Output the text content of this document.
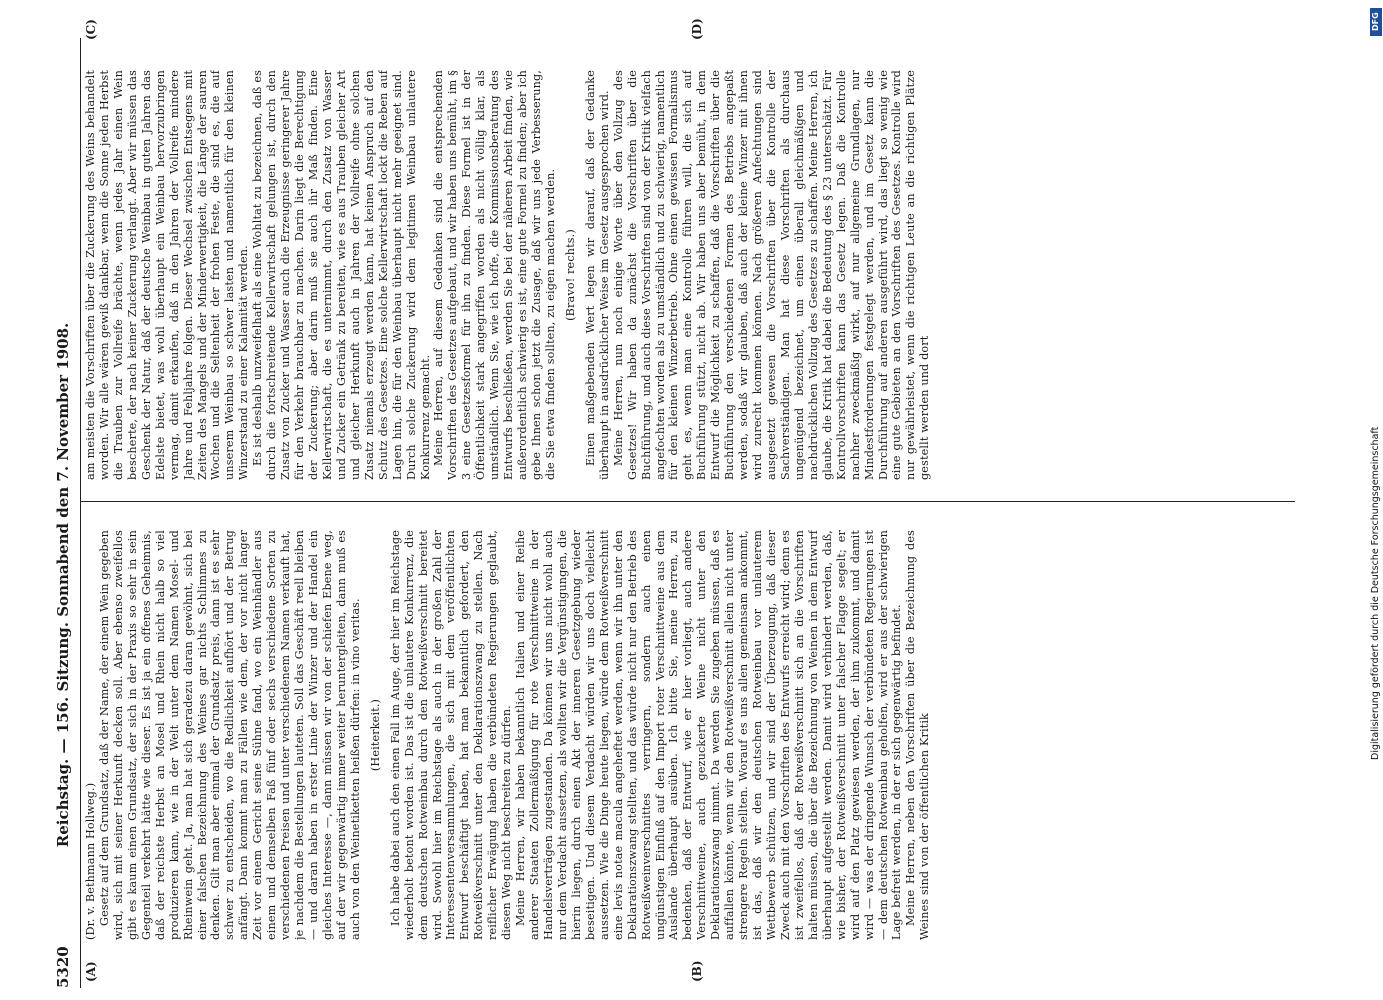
5320
Reichstag. — 156. Sitzung. Sonnabend den 7. November 1908.
(A)	(B)
(C)	(D)

(Dr. v. Bethmann Hollweg.) Gesetz auf dem Grundsatz, daß der Name, der einem Wein gegeben wird, sich mit seiner Herkunft decken soll. Aber ebenso zweifellos gibt es kaum einen Grundsatz, der sich in der Praxis so sehr in sein Gegenteil verkehrt hätte wie dieser. Es ist ja ein offenes Geheimnis, daß der reichste Herbst an Mosel und Rhein nicht halb so viel produzieren kann, wie in der Welt unter dem Namen Mosel- und Rheinwein geht. Ja, man hat sich geradezu daran gewöhnt, sich bei einer falschen Bezeichnung des Weines gar nichts Schlimmes zu denken. Gilt man aber einmal der Grundsatz preis, dann ist es sehr schwer zu entscheiden, wo die Redlichkeit aufhört und der Betrug anfängt. Dann kommt man zu Fällen wie dem, der vor nicht langer Zeit vor einem Gericht seine Sühne fand, wo ein Weinhändler aus einem und demselben Faß fünf oder sechs verschiedene Sorten zu verschiedenen Preisen und unter verschiedenem Namen verkauft hat, je nachdem die Bestellungen lauteten. Soll das Geschäft reell bleiben — und daran haben in erster Linie der Winzer und der Handel ein gleiches Interesse —, dann müssen wir von der schiefen Ebene weg, auf der wir gegenwärtig immer weiter heruntergleiten, dann muß es auch von den Weinetiketten heißen dürfen: in vino veritas. (Heiterkeit.) Ich habe dabei auch den einen Fall im Auge, der hier im Reichstage wiederholt betont worden ist. Das ist die unlautere Konkurrenz, die dem deutschen Rotweinbau durch den Rotweißverschnitt bereitet wird. Sowohl hier im Reichstage als auch in der großen Zahl der Interessentenversammlungen, die sich mit dem veröffentlichten Entwurf beschäftigt haben, hat man bekanntlich gefordert, den Rotweißverschnitt unter den Deklarationszwang zu stellen. Nach reiflicher Erwägung haben die verbündeten Regierungen geglaubt, diesen Weg nicht beschreiten zu dürfen. Meine Herren, wir haben bekanntlich Italien und einer Reihe anderer Staaten Zollermäßigung für rote Verschnittweine in der Handelsverträgen zugestanden. Da können wir uns nicht wohl auch nur dem Verdacht aussetzen, als wollten wir die Vergünstigungen, die hierin liegen, durch einen Akt der inneren Gesetzgebung wieder beseitigen. Und diesem Verdacht würden wir uns doch vielleicht aussetzen. Wie die Dinge heute liegen, würde dem Rotweißverschnitt eine levis notae macula angeheftet werden, wenn wir ihn unter den Deklarationszwang stellten, und das würde nicht nur den Betrieb des Rotweißweinverschnittes verringern, sondern auch einen ungünstigen Einfluß auf den Import roter Verschnittweine aus dem Auslande überhaupt ausüben. Ich bitte Sie, meine Herren, zu bedenken, daß der Entwurf, wie er hier vorliegt, auch andere Verschnittweine, auch gezuckerte Weine nicht unter den Deklarationszwang nimmt. Da werden Sie zugeben müssen, daß es auffallen könnte, wenn wir den Rotweißverschnitt allein nicht unter strengere Regeln stellten. Worauf es uns allen gemeinsam ankommt, ist das, daß wir den deutschen Rotweinbau vor unlauterem Wettbewerb schützen, und wir sind der Überzeugung, daß dieser Zweck auch mit den Vorschriften des Entwurfs erreicht wird; denn es ist zweifellos, daß der Rotweißverschnitt sich an die Vorschriften halten müssen, die über die Bezeichnung von Weinen in dem Entwurf überhaupt aufgestellt werden. Damit wird verhindert werden, daß, wie bisher, der Rotweißverschnitt unter falscher Flagge segelt; er wird auf den Platz gewiesen werden, der ihm zukommt, und damit wird — was der dringende Wunsch der verbündeten Regierungen ist — dem deutschen Rotweinbau geholfen, wird er aus der schwierigen Lage befreit werden, in der er sich gegenwärtig befindet. Meine Herren, neben den Vorschriften über die Bezeichnung des Weines sind von der öffentlichen Kritik

am meisten die Vorschriften über die Zuckerung des Weins behandelt worden. Wir alle wären gewiß dankbar, wenn die Sonne jeden Herbst die Trauben zur Vollreife brächte, wenn jedes Jahr einen Wein bescherte, der nach keiner Zuckerung verlangt. Aber wir müssen das Geschenk der Natur, daß der deutsche Weinbau in guten Jahren das Edelste bietet, was wohl überhaupt ein Weinbau hervorzubringen vermag, damit erkaufen, daß in den Jahren der Vollreife mindere Jahre und Fehljahre folgen. Dieser Wechsel zwischen Entsegens mit Zeiten des Mangels und der Minderwertigkeit, die Länge der sauren Wochen und die Seltenheit der frohen Feste, die sind es, die auf unserem Weinbau so schwer lasten und namentlich für den kleinen Winzerstand zu einer Kalamität werden. Es ist deshalb unzweifelhaft als eine Wohltat zu bezeichnen, daß es durch die fortschreitende Kellerwirtschaft gelungen ist, durch den Zusatz von Zucker und Wasser auch die Erzeugnisse geringerer Jahre für den Verkehr brauchbar zu machen. Darin liegt die Berechtigung der Zuckerung; aber darin muß sie auch ihr Maß finden. Eine Kellerwirtschaft, die es unternimmt, durch den Zusatz von Wasser und Zucker ein Getränk zu bereiten, wie es aus Trauben gleicher Art und gleicher Herkunft auch in Jahren der Vollreife ohne solchen Zusatz niemals erzeugt werden kann, hat keinen Anspruch auf den Schutz des Gesetzes. Eine solche Kellerwirtschaft lockt die Reben auf Lagen hin, die für den Weinbau überhaupt nicht mehr geeignet sind. Durch solche Zuckerung wird dem legitimen Weinbau unlautere Konkurrenz gemacht. Meine Herren, auf diesem Gedanken sind die entsprechenden Vorschriften des Gesetzes aufgebaut, und wir haben uns bemüht, im § 3 eine Gesetzesformel für ihn zu finden. Diese Formel ist in der Öffentlichkeit stark angegriffen worden als nicht völlig klar, als umständlich. Wenn Sie, wie ich hoffe, die Kommissionsberatung des Entwurfs beschließen, werden Sie bei der näheren Arbeit finden, wie außerordentlich schwierig es ist, eine gute Formel zu finden; aber ich gebe Ihnen schon jetzt die Zusage, daß wir uns jede Verbesserung, die Sie etwa finden sollten, zu eigen machen werden. (Bravo! rechts.) Einen maßgebenden Wert legen wir darauf, daß der Gedanke überhaupt in ausdrücklicher Weise im Gesetz ausgesprochen wird. Meine Herren, nun noch einige Worte über den Vollzug des Gesetzes! Wir haben da zunächst die Vorschriften über die Buchführung, und auch diese Vorschriften sind von der Kritik vielfach angefochten worden als zu umständlich und zu schwierig, namentlich für den kleinen Winzerbetrieb. Ohne einen gewissen Formalismus geht es, wenn man eine Kontrolle führen will, die sich auf Buchführung stützt, nicht ab. Wir haben uns aber bemüht, in dem Entwurf die Möglichkeit zu schaffen, daß die Vorschriften über die Buchführung den verschiedenen Formen des Betriebs angepaßt werden, sodaß wir glauben, daß auch der kleine Winzer mit ihnen wird zurecht kommen können. Nach größeren Anfechtungen sind ausgesetzt gewesen die Vorschriften über die Kontrolle der Sachverständigen. Man hat diese Vorschriften als durchaus ungenügend bezeichnet, um einen überall gleichmäßigen und nachdrücklichen Vollzug des Gesetzes zu schaffen. Meine Herren, ich glaube, die Kritik hat dabei die Bedeutung des § 23 unterschätzt. Für Kontrollvorschriften kann das Gesetz legen. Daß die Kontrolle nachher zweckmäßig wirkt, auf nur allgemeine Grundlagen, nur Mindestforderungen festgelegt werden, und im Gesetz kann die Durchführung auf anderen ausgeführt wird, das liegt so wenig wie eine gute Gebieten an den Vorschriften des Gesetzes. Kontrolle wird nur gewährleistet, wenn die richtigen Leute an die richtigen Plätze gestellt werden und dort

DFG
Digitalisierung gefördert durch die Deutsche Forschungsgemeinschaft
